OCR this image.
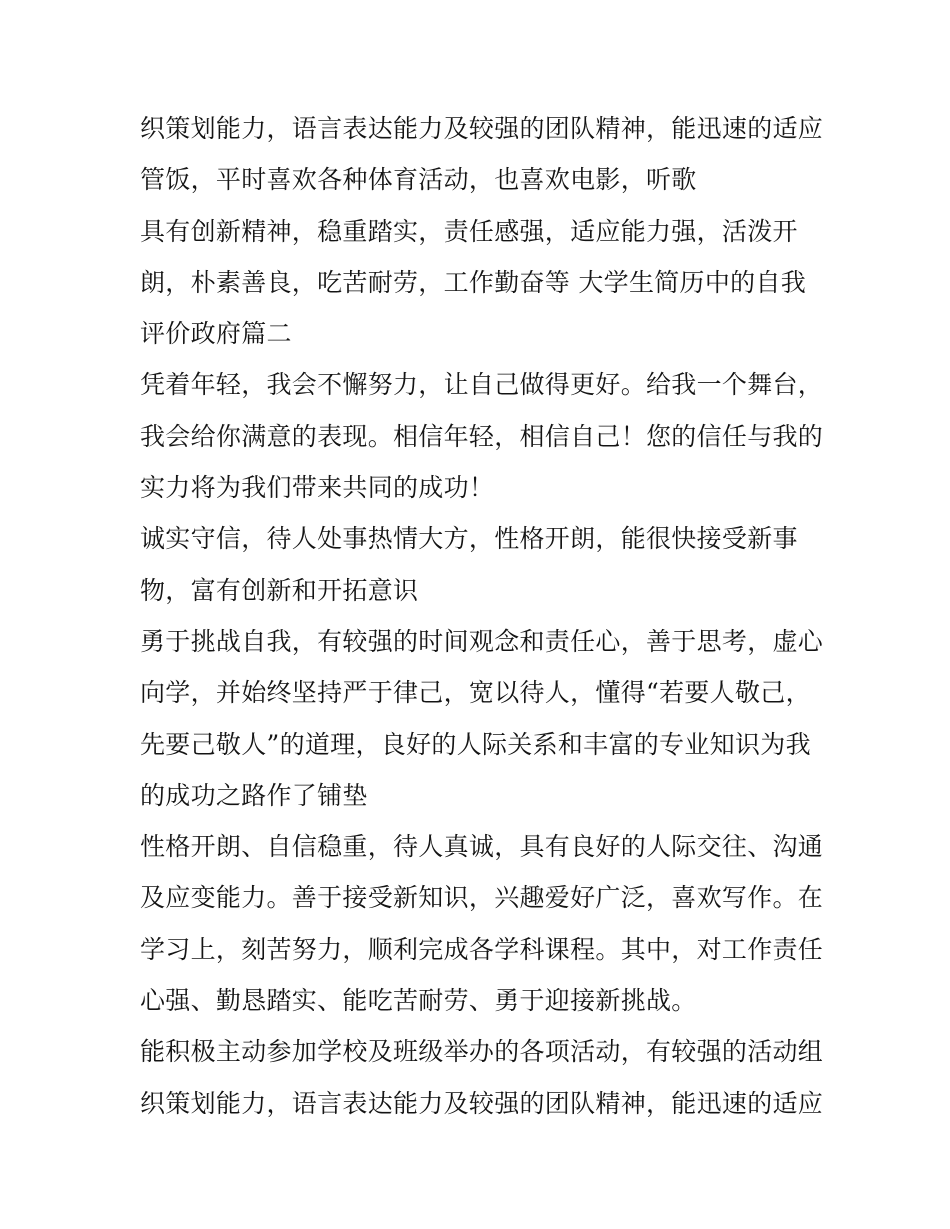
织策划能力，语言表达能力及较强的团队精神，能迅速的适应
管饭，平时喜欢各种体育活动，也喜欢电影，听歌
具有创新精神，稳重踏实，责任感强，适应能力强，活泼开
朗，朴素善良，吃苦耐劳，工作勤奋等 大学生简历中的自我
评价政府篇二
凭着年轻，我会不懈努力，让自己做得更好。给我一个舞台，
我会给你满意的表现。相信年轻，相信自己！您的信任与我的
实力将为我们带来共同的成功！
诚实守信，待人处事热情大方，性格开朗，能很快接受新事
物，富有创新和开拓意识
勇于挑战自我，有较强的时间观念和责任心，善于思考，虚心
向学，并始终坚持严于律己，宽以待人，懂得“若要人敬己，
先要己敬人”的道理，良好的人际关系和丰富的专业知识为我
的成功之路作了铺垫
性格开朗、自信稳重，待人真诚，具有良好的人际交往、沟通
及应变能力。善于接受新知识，兴趣爱好广泛，喜欢写作。在
学习上，刻苦努力，顺利完成各学科课程。其中，对工作责任
心强、勤恳踏实、能吃苦耐劳、勇于迎接新挑战。
能积极主动参加学校及班级举办的各项活动，有较强的活动组
织策划能力，语言表达能力及较强的团队精神，能迅速的适应
